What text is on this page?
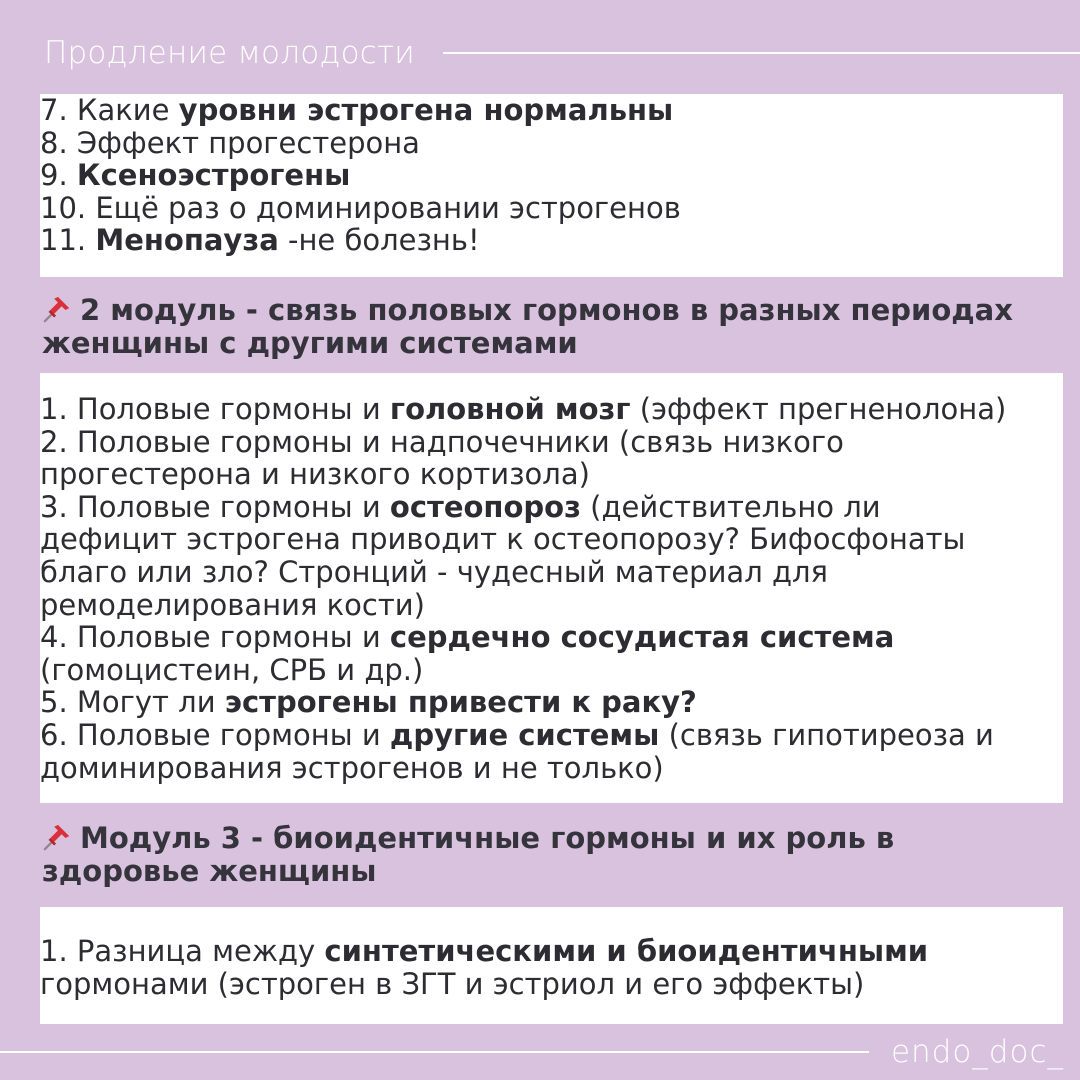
Продление молодости
7. Какие уровни эстрогена нормальны
8. Эффект прогестерона
9. Ксеноэстрогены
10. Ещё раз о доминировании эстрогенов
11. Менопауза -не болезнь!
2 модуль - связь половых гормонов в разных периодах
женщины с другими системами
1. Половые гормоны и головной мозг (эффект прегненолона)
2. Половые гормоны и надпочечники (связь низкого
прогестерона и низкого кортизола)
3. Половые гормоны и остеопороз (действительно ли
дефицит эстрогена приводит к остеопорозу? Бифосфонаты
благо или зло? Стронций - чудесный материал для
ремоделирования кости)
4. Половые гормоны и сердечно сосудистая система
(гомоцистеин, СРБ и др.)
5. Могут ли эстрогены привести к раку?
6. Половые гормоны и другие системы (связь гипотиреоза и
доминирования эстрогенов и не только)
Модуль 3 - биоидентичные гормоны и их роль в
здоровье женщины
1. Разница между синтетическими и биоидентичными
гормонами (эстроген в ЗГТ и эстриол и его эффекты)
endo_doc_
